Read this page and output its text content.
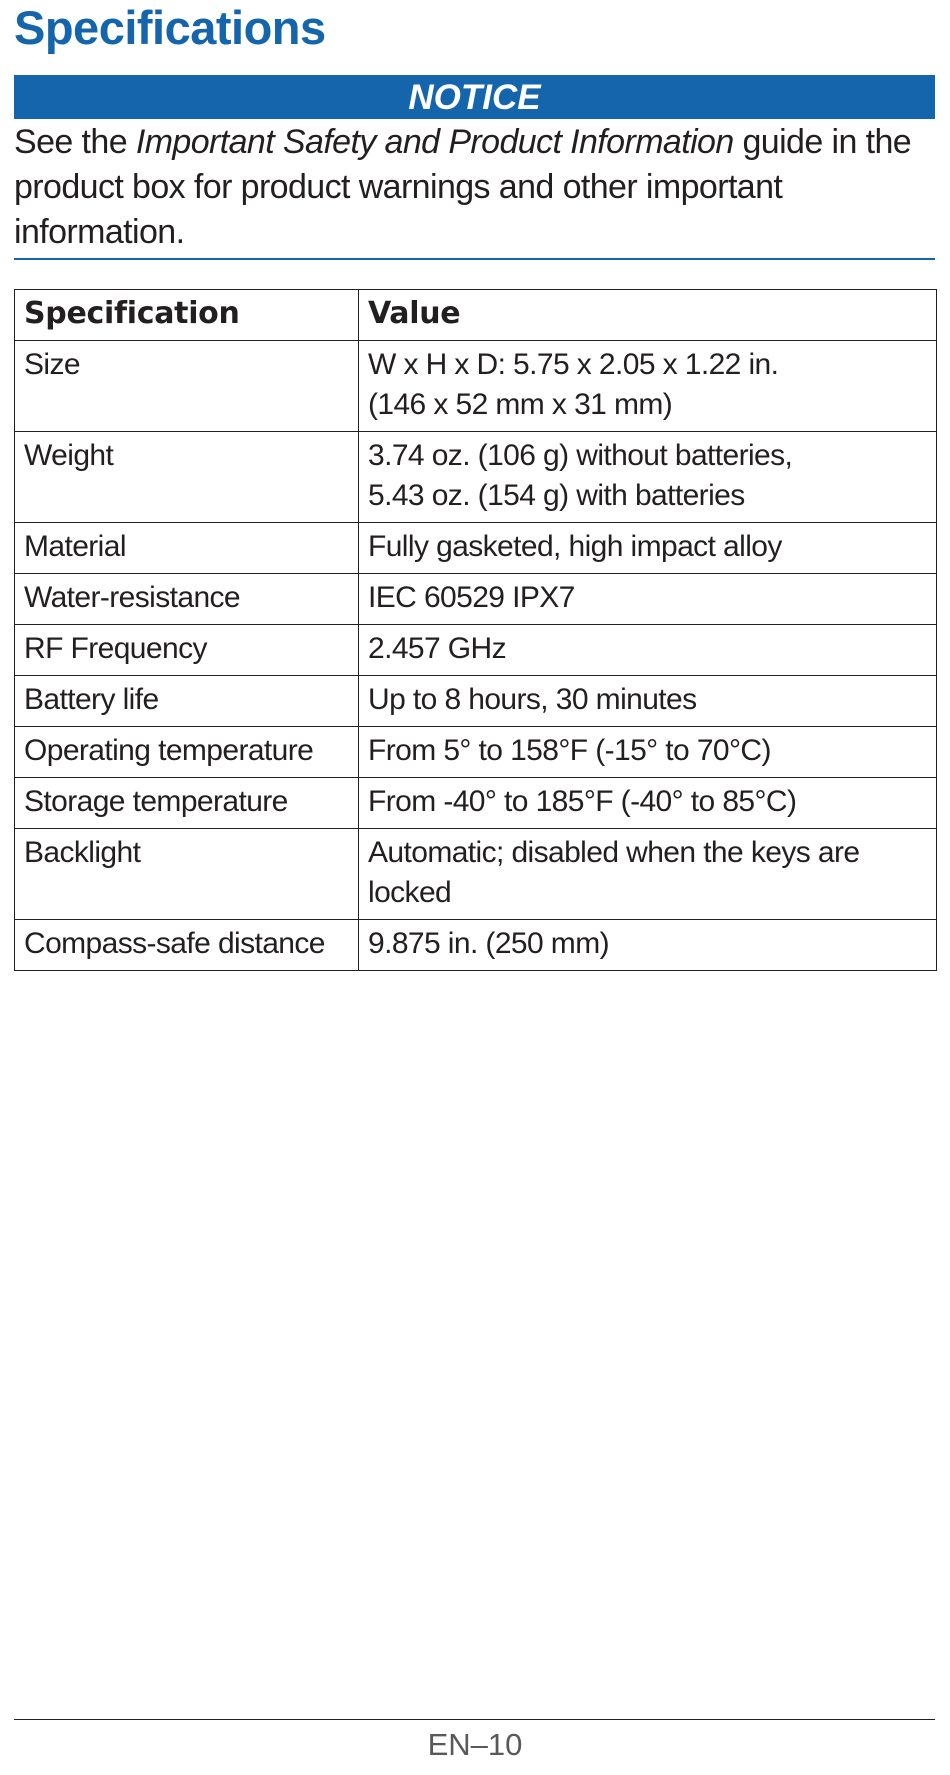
Specifications
NOTICE

See the Important Safety and Product Information guide in the product box for product warnings and other important information.

Specification	Value
Size	W x H x D: 5.75 x 2.05 x 1.22 in.
(146 x 52 mm x 31 mm)

Weight	3.74 oz. (106 g) without batteries,
5.43 oz. (154 g) with batteries

Material	Fully gasketed, high impact alloy

Water-resistance	IEC 60529 IPX7

RF Frequency	2.457 GHz

Battery life	Up to 8 hours, 30 minutes

Operating temperature	From 5° to 158°F (-15° to 70°C)

Storage temperature	From -40° to 185°F (-40° to 85°C)

Backlight	Automatic; disabled when the keys are
locked

Compass-safe distance	9.875 in. (250 mm)
EN–10
